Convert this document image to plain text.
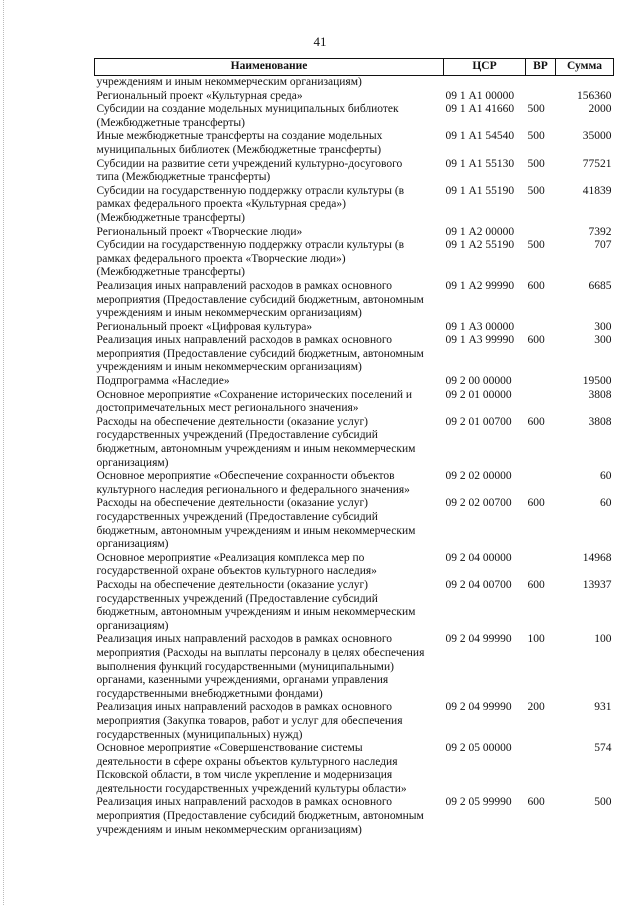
41
Наименование	ЦСР	ВР	Сумма
учреждениям и иным некоммерческим организациям)			
Региональный проект «Культурная среда»	09 1 А1 00000		156360
Субсидии на создание модельных муниципальных библиотек
(Межбюджетные трансферты)	09 1 А1 41660	500	2000
Иные межбюджетные трансферты на создание модельных
муниципальных библиотек (Межбюджетные трансферты)	09 1 А1 54540	500	35000
Субсидии на развитие сети учреждений культурно-досугового
типа (Межбюджетные трансферты)	09 1 А1 55130	500	77521
Субсидии на государственную поддержку отрасли культуры (в
рамках федерального проекта «Культурная среда»)
(Межбюджетные трансферты)	09 1 А1 55190	500	41839
Региональный проект «Творческие люди»	09 1 А2 00000		7392
Субсидии на государственную поддержку отрасли культуры (в
рамках федерального проекта «Творческие люди»)
(Межбюджетные трансферты)	09 1 А2 55190	500	707
Реализация иных направлений расходов в рамках основного
мероприятия (Предоставление субсидий бюджетным, автономным
учреждениям и иным некоммерческим организациям)	09 1 А2 99990	600	6685
Региональный проект «Цифровая культура»	09 1 А3 00000		300
Реализация иных направлений расходов в рамках основного
мероприятия (Предоставление субсидий бюджетным, автономным
учреждениям и иным некоммерческим организациям)	09 1 А3 99990	600	300
Подпрограмма «Наследие»	09 2 00 00000		19500
Основное мероприятие «Сохранение исторических поселений и
достопримечательных мест регионального значения»	09 2 01 00000		3808
Расходы на обеспечение деятельности (оказание услуг)
государственных учреждений (Предоставление субсидий
бюджетным, автономным учреждениям и иным некоммерческим
организациям)	09 2 01 00700	600	3808
Основное мероприятие «Обеспечение сохранности объектов
культурного наследия регионального и федерального значения»	09 2 02 00000		60
Расходы на обеспечение деятельности (оказание услуг)
государственных учреждений (Предоставление субсидий
бюджетным, автономным учреждениям и иным некоммерческим
организациям)	09 2 02 00700	600	60
Основное мероприятие «Реализация комплекса мер по
государственной охране объектов культурного наследия»	09 2 04 00000		14968
Расходы на обеспечение деятельности (оказание услуг)
государственных учреждений (Предоставление субсидий
бюджетным, автономным учреждениям и иным некоммерческим
организациям)	09 2 04 00700	600	13937
Реализация иных направлений расходов в рамках основного
мероприятия (Расходы на выплаты персоналу в целях обеспечения
выполнения функций государственными (муниципальными)
органами, казенными учреждениями, органами управления
государственными внебюджетными фондами)	09 2 04 99990	100	100
Реализация иных направлений расходов в рамках основного
мероприятия (Закупка товаров, работ и услуг для обеспечения
государственных (муниципальных) нужд)	09 2 04 99990	200	931
Основное мероприятие «Совершенствование системы
деятельности в сфере охраны объектов культурного наследия
Псковской области, в том числе укрепление и модернизация
деятельности государственных учреждений культуры области»	09 2 05 00000		574
Реализация иных направлений расходов в рамках основного
мероприятия (Предоставление субсидий бюджетным, автономным
учреждениям и иным некоммерческим организациям)	09 2 05 99990	600	500
